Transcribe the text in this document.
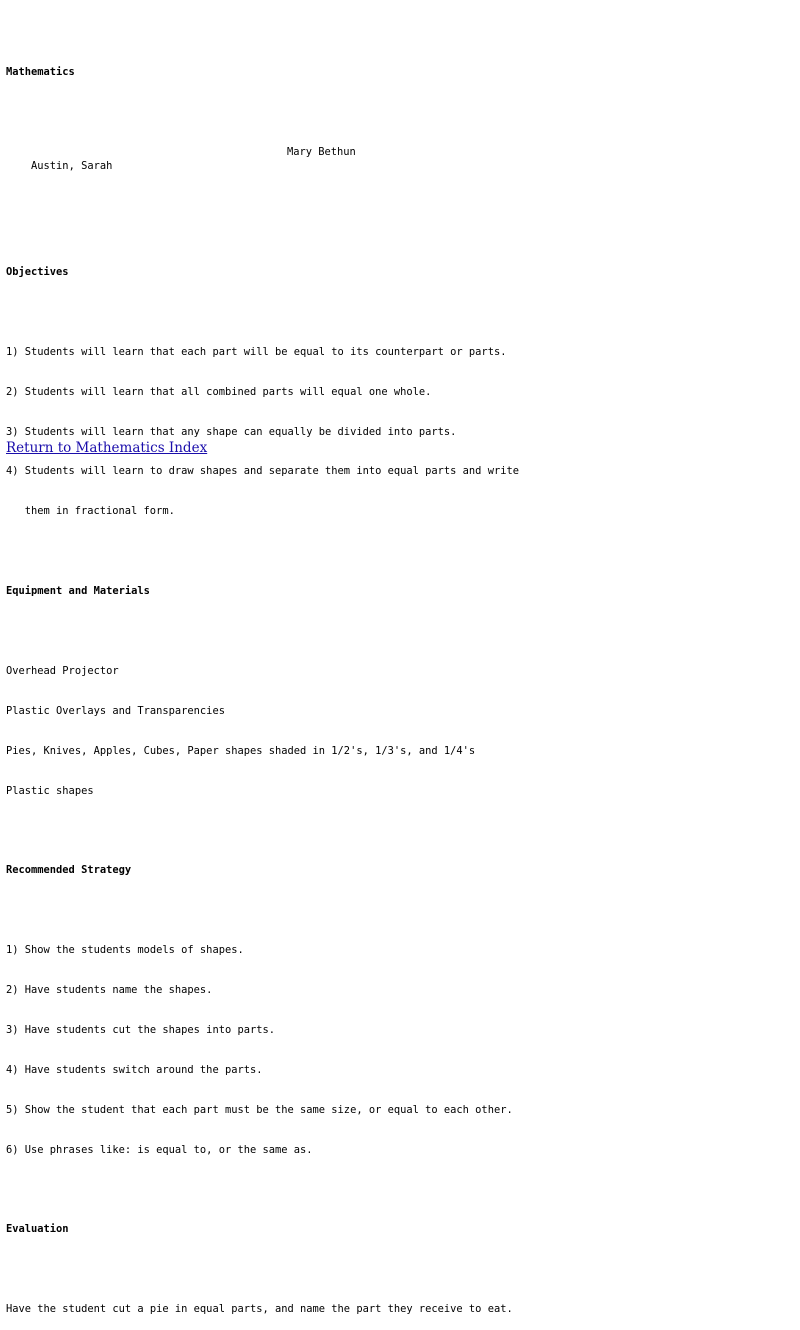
Mathematics

Austin, Sarah

Mary Bethun

Objectives

1) Students will learn that each part will be equal to its counterpart or parts.

2) Students will learn that all combined parts will equal one whole.

3) Students will learn that any shape can equally be divided into parts.

4) Students will learn to draw shapes and separate them into equal parts and write

them in fractional form.

Equipment and Materials

Overhead Projector

Plastic Overlays and Transparencies

Pies, Knives, Apples, Cubes, Paper shapes shaded in 1/2's, 1/3's, and 1/4's

Plastic shapes

Recommended Strategy

1) Show the students models of shapes.

2) Have students name the shapes.

3) Have students cut the shapes into parts.

4) Have students switch around the parts.

5) Show the student that each part must be the same size, or equal to each other.

6) Use phrases like: is equal to, or the same as.

Evaluation

Have the student cut a pie in equal parts, and name the part they receive to eat.

Return to Mathematics Index
